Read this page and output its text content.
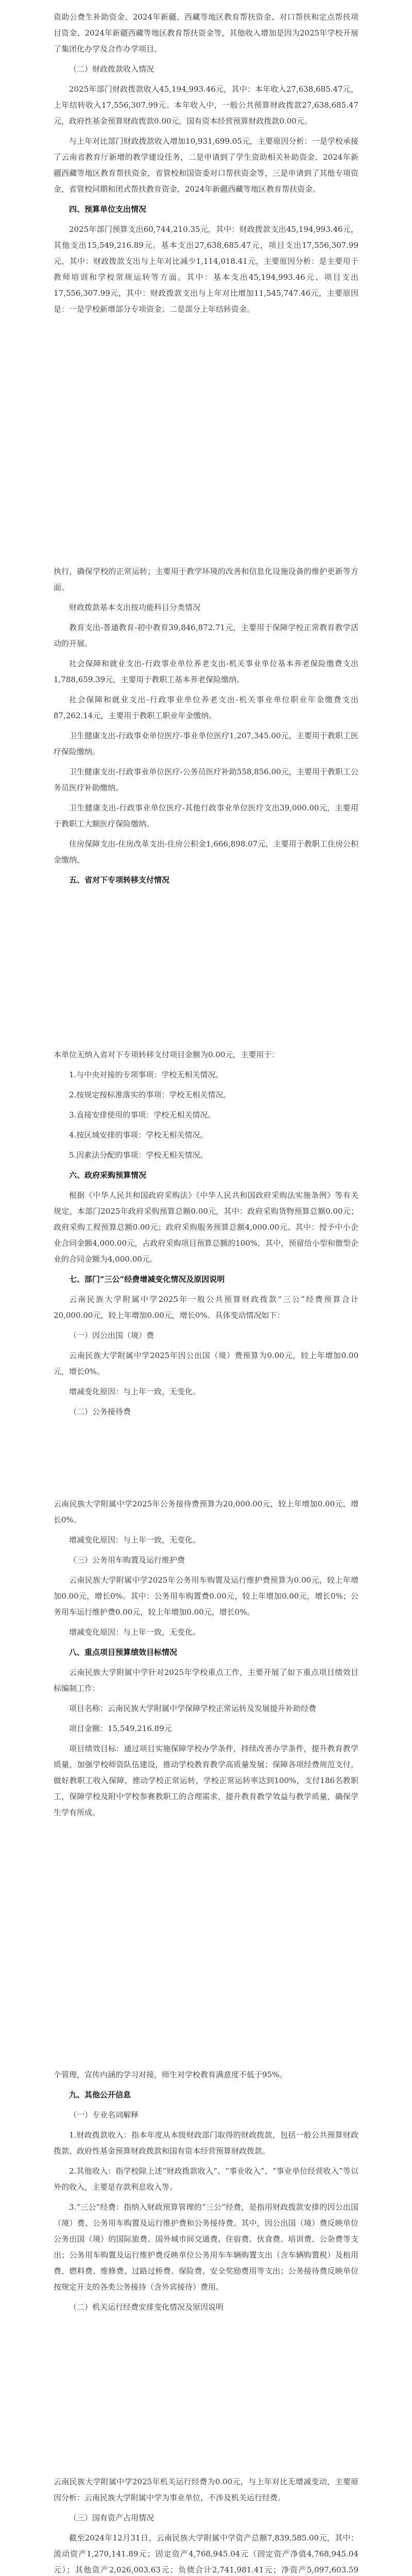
资助公费生补助资金、2024年新疆、西藏等地区教育帮扶资金、对口帮扶和定点帮扶项目资金、2024年新疆西藏等地区教育帮扶资金等，其他收入增加是因为2025年学校开展了集团化办学及合作办学项目。

（二）财政拨款收入情况

2025年部门财政拨款收入45,194,993.46元，其中：本年收入27,638,685.47元，上年结转收入17,556,307.99元。本年收入中，一般公共预算财政拨款27,638,685.47元，政府性基金预算财政拨款0.00元，国有资本经营预算财政拨款0.00元。

与上年对比部门财政拨款收入增加10,931,699.05元，主要原因分析：一是学校承接了云南省教育厅新增的教学建设任务，二是申请到了学生资助相关补助资金、2024年新疆西藏等地区教育帮扶资金，省管校和国资委对口帮扶资金等，三是申请到了其他专项资金，省管校同期和团式帮扶教育资金，2024年新疆西藏等地区教育帮扶资金。

四、预算单位支出情况

2025年部门预算支出60,744,210.35元，其中：财政拨款支出45,194,993.46元，其他支出15,549,216.89元。基本支出27,638,685.47元，项目支出17,556,307.99元，其中：财政拨款支出与上年对比减少1,114,018.41元，主要原因分析：是主要用于教师培训和学校常规运转等方面。其中：基本支出45,194,993.46元、项目支出17,556,307.99元，其中：财政拨款支出与上年对比增加11,545,747.46元，主要原因是：一是学校新增部分专项资金；二是部分上年结转资金。

执行，确保学校的正常运转；主要用于教学环境的改善和信息化设施设备的维护更新等方面。

财政拨款基本支出按功能科目分类情况

教育支出-普通教育-初中教育39,846,872.71元，主要用于保障学校正常教育教学活动的开展。

社会保障和就业支出-行政事业单位养老支出-机关事业单位基本养老保险缴费支出1,788,659.39元，主要用于教职工基本养老保险缴纳。

社会保障和就业支出-行政事业单位养老支出-机关事业单位职业年金缴费支出87,262.14元，主要用于教职工职业年金缴纳。

卫生健康支出-行政事业单位医疗-事业单位医疗1,207,345.00元，主要用于教职工医疗保险缴纳。

卫生健康支出-行政事业单位医疗-公务员医疗补助558,856.00元，主要用于教职工公务员医疗补助缴纳。

卫生健康支出-行政事业单位医疗-其他行政事业单位医疗支出39,000.00元，主要用于教职工大额医疗保险缴纳。

住房保障支出-住房改革支出-住房公积金1,666,898.07元，主要用于教职工住房公积金缴纳。

五、省对下专项转移支付情况

本单位无纳入省对下专项转移支付项目金额为0.00元，主要用于：

1.与中央对接的专项事项：学校无相关情况。

2.按规定按标准落实的事项：学校无相关情况。

3.直接安排使用的事项：学校无相关情况。

4.按区域安排的事项：学校无相关情况。

5.因素法分配的事项：学校无相关情况。

六、政府采购预算情况

根据《中华人民共和国政府采购法》《中华人民共和国政府采购法实施条例》等有关规定，本部门2025年政府采购预算总额0.00元，其中：政府采购货物预算总额0.00元；政府采购工程预算总额0.00元；政府采购服务预算总额4,000.00元。其中：授予中小企业合同金额4,000.00元，占政府采购项目预算总额的100%，其中，预留给小型和微型企业的合同金额为4,000.00元。

七、部门“三公”经费增减变化情况及原因说明

云南民族大学附属中学2025年一般公共预算财政拨款“三公”经费预算合计20,000.00元，较上年增加0.00元，增长0%。具体变动情况如下：

（一）因公出国（境）费

云南民族大学附属中学2025年因公出国（境）费预算为0.00元，较上年增加0.00元，增长0%。

增减变化原因：与上年一致，无变化。

（二）公务接待费

云南民族大学附属中学2025年公务接待费预算为20,000.00元，较上年增加0.00元，增长0%。

增减变化原因：与上年一致，无变化。

（三）公务用车购置及运行维护费

云南民族大学附属中学2025年公务用车购置及运行维护费预算为0.00元，较上年增加0.00元，增长0%。其中：公务用车购置费0.00元，较上年增加0.00元，增长0%；公务用车运行维护费0.00元，较上年增加0.00元，增长0%。

增减变化原因：与上年一致，无变化。

八、重点项目预算绩效目标情况

云南民族大学附属中学针对2025年学校重点工作，主要开展了如下重点项目绩效目标编制工作：

项目名称：云南民族大学附属中学保障学校正常运转及发展提升补助经费

项目金额：15,549,216.89元

项目绩效目标：通过项目实施保障学校办学条件，持续改善办学条件，提升教育教学质量，加强学校师资队伍建设，推动学校教育教学高质量发展；保障各项经费规范支付，做好教职工收入保障，推动学校正常运转，学校正常运转率达到100%，支付186名教职工，保障学校及附中学校参赛教职工的合理需求，提升教育教学效益与教学质量，确保学生学有所成。

个管理，宣传内涵的学习对接，师生对学校教育满意度不低于95%。

九、其他公开信息
（一）专业名词解释

1.财政拨款收入：指本年度从本级财政部门取得的财政拨款，包括一般公共预算财政拨款、政府性基金预算财政拨款和国有资本经营预算财政拨款。

2.其他收入：指学校除上述“财政拨款收入”、“事业收入”、“事业单位经营收入”等以外的收入，主要是存款利息收入等。

3.“三公”经费：指纳入财政预算管理的“三公”经费，是指用财政拨款安排的因公出国（境）费、公务用车购置及运行维护费和公务接待费。其中，因公出国（境）费反映单位公务出国（境）的国际旅费、国外城市间交通费、住宿费、伙食费、培训费、公杂费等支出；公务用车购置及运行维护费反映单位公务用车车辆购置支出（含车辆购置税）及租用费、燃料费、维修费、过路过桥费、保险费、安全奖励费用等支出；公务接待费反映单位按规定开支的各类公务接待（含外宾接待）费用。

（二）机关运行经费安排变化情况及原因说明

云南民族大学附属中学2025年机关运行经费为0.00元，与上年对比无增减变动，主要原因分析：云南民族大学附属中学为事业单位，不涉及机关运行经费。

（三）国有资产占用情况

截至2024年12月31日，云南民族大学附属中学资产总额7,839,585.00元，其中：流动资产1,270,141.89元；固定资产4,768,945.04元（固定资产净值4,768,945.04元）；其他资产2,026,003.63元；负债合计2,741,981.41元；净资产5,097,603.59
